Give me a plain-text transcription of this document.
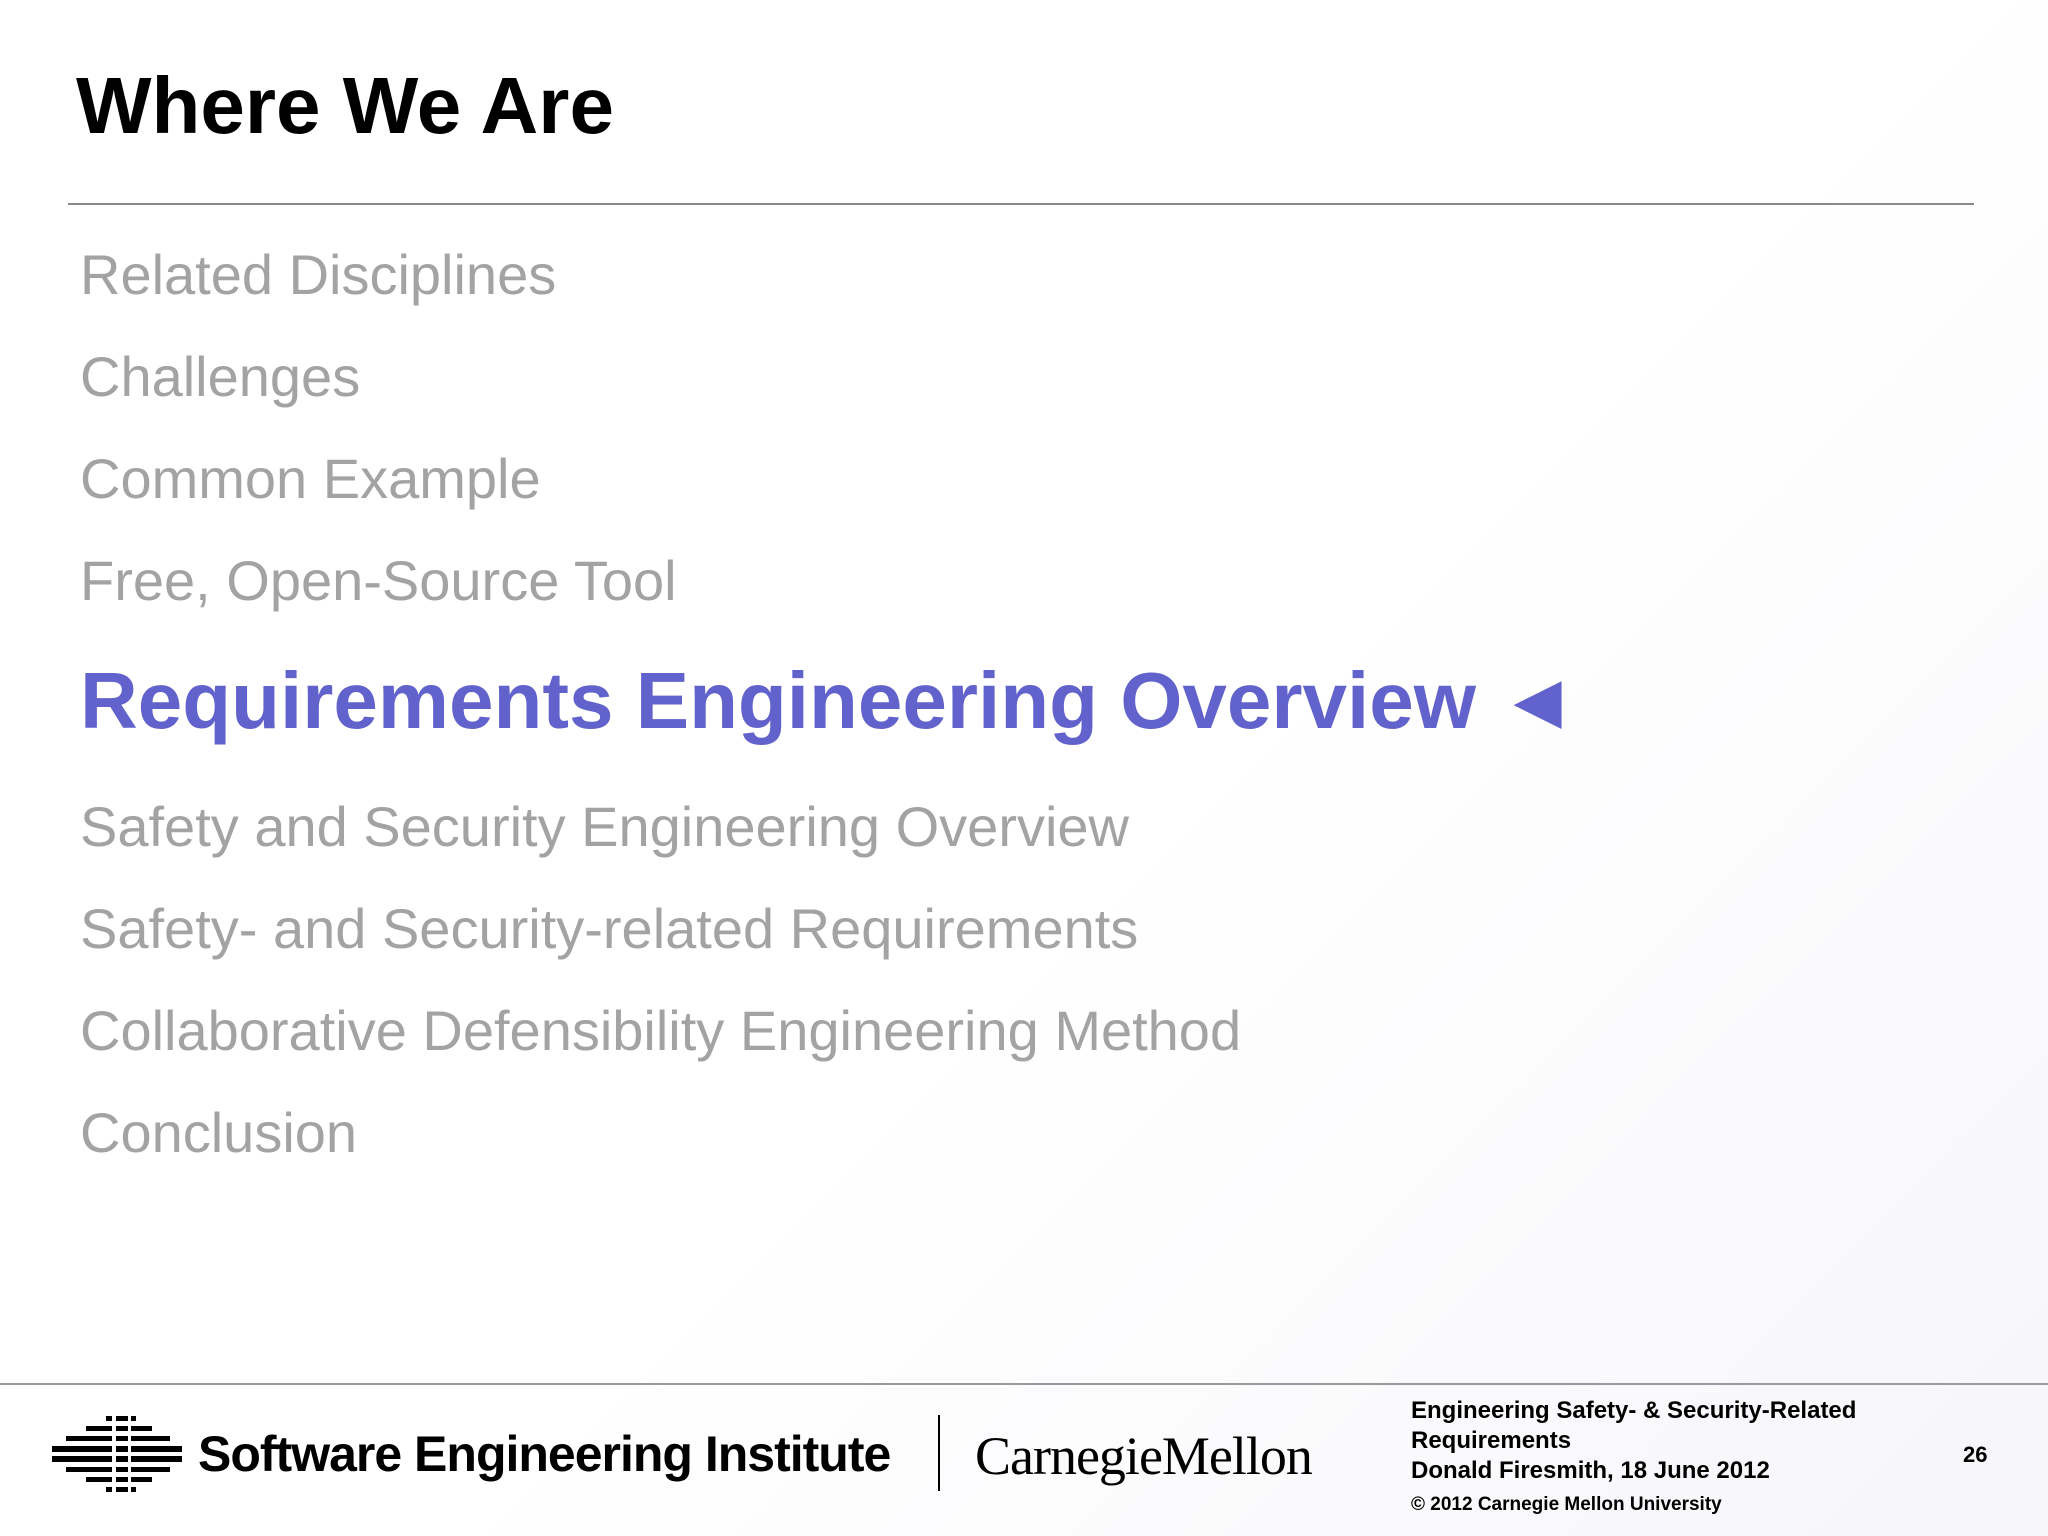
Where We Are
Related Disciplines
Challenges
Common Example
Free, Open-Source Tool
Requirements Engineering Overview ◄
Safety and Security Engineering Overview
Safety- and Security-related Requirements
Collaborative Defensibility Engineering Method
Conclusion
Software Engineering Institute CarnegieMellon
Engineering Safety- & Security-Related
Requirements
Donald Firesmith, 18 June 2012
© 2012 Carnegie Mellon University
26
